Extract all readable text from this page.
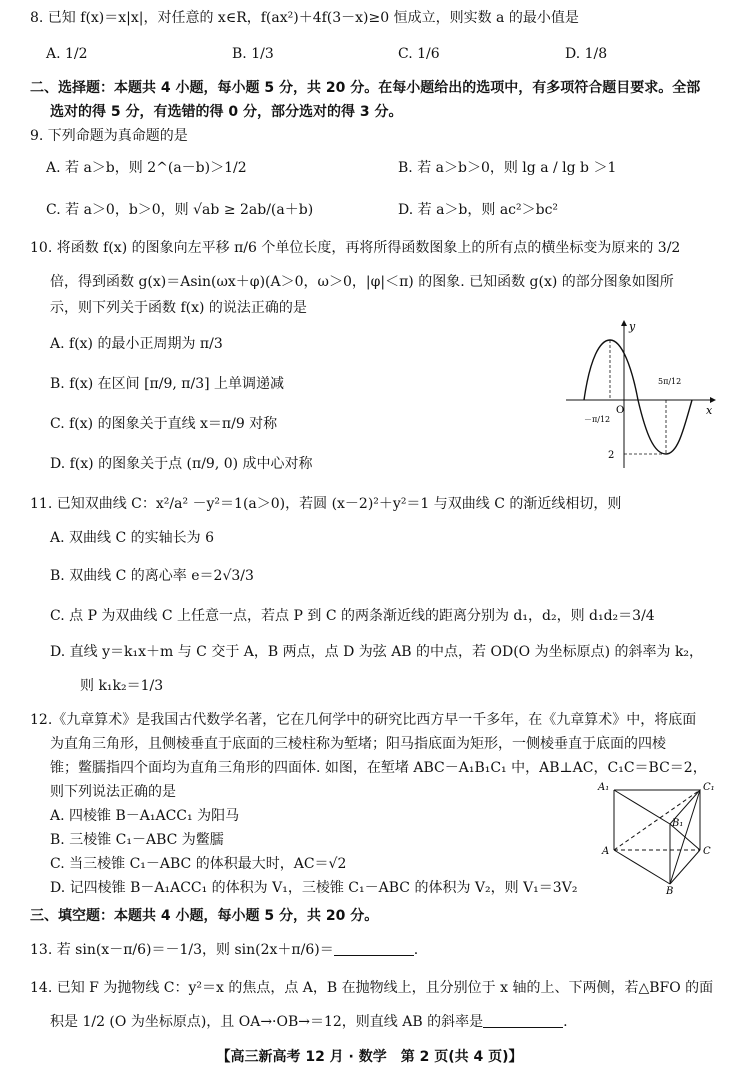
8. 已知 f(x)＝x|x|，对任意的 x∈R，f(ax²)＋4f(3－x)≥0 恒成立，则实数 a 的最小值是
A. 1/2	B. 1/3	C. 1/6	D. 1/8
二、选择题：本题共 4 小题，每小题 5 分，共 20 分。在每小题给出的选项中，有多项符合题目要求。全部
选对的得 5 分，有选错的得 0 分，部分选对的得 3 分。
9. 下列命题为真命题的是
A. 若 a＞b，则 2^(a－b)＞1/2	B. 若 a＞b＞0，则 lg a / lg b ＞1
C. 若 a＞0，b＞0，则 √ab ≥ 2ab/(a＋b)	D. 若 a＞b，则 ac²＞bc²
10. 将函数 f(x) 的图象向左平移 π/6 个单位长度，再将所得函数图象上的所有点的横坐标变为原来的 3/2
倍，得到函数 g(x)＝Asin(ωx＋φ)(A＞0，ω＞0，|φ|＜π) 的图象. 已知函数 g(x) 的部分图象如图所
示，则下列关于函数 f(x) 的说法正确的是
A. f(x) 的最小正周期为 π/3
B. f(x) 在区间 [π/9, π/3] 上单调递减
C. f(x) 的图象关于直线 x＝π/9 对称
D. f(x) 的图象关于点 (π/9, 0) 成中心对称
y
x
O
－π/12
5π/12
2
11. 已知双曲线 C：x²/a² －y²＝1(a＞0)，若圆 (x－2)²＋y²＝1 与双曲线 C 的渐近线相切，则
A. 双曲线 C 的实轴长为 6
B. 双曲线 C 的离心率 e＝2√3/3
C. 点 P 为双曲线 C 上任意一点，若点 P 到 C 的两条渐近线的距离分别为 d₁，d₂，则 d₁d₂＝3/4
D. 直线 y＝k₁x＋m 与 C 交于 A，B 两点，点 D 为弦 AB 的中点，若 OD(O 为坐标原点) 的斜率为 k₂，
则 k₁k₂＝1/3
12.《九章算术》是我国古代数学名著，它在几何学中的研究比西方早一千多年，在《九章算术》中，将底面
为直角三角形，且侧棱垂直于底面的三棱柱称为堑堵；阳马指底面为矩形，一侧棱垂直于底面的四棱
锥；鳖臑指四个面均为直角三角形的四面体. 如图，在堑堵 ABC－A₁B₁C₁ 中，AB⊥AC，C₁C＝BC＝2，
则下列说法正确的是
A. 四棱锥 B－A₁ACC₁ 为阳马
B. 三棱锥 C₁－ABC 为鳖臑
C. 当三棱锥 C₁－ABC 的体积最大时，AC＝√2
D. 记四棱锥 B－A₁ACC₁ 的体积为 V₁，三棱锥 C₁－ABC 的体积为 V₂，则 V₁＝3V₂
A₁	C₁
B₁
A	C
B
三、填空题：本题共 4 小题，每小题 5 分，共 20 分。
13. 若 sin(x－π/6)＝－1/3，则 sin(2x＋π/6)＝	.
14. 已知 F 为抛物线 C：y²＝x 的焦点，点 A，B 在抛物线上，且分别位于 x 轴的上、下两侧，若△BFO 的面
积是 1/2 (O 为坐标原点)，且 OA→·OB→＝12，则直线 AB 的斜率是	.
【高三新高考 12 月 · 数学　第 2 页(共 4 页)】
